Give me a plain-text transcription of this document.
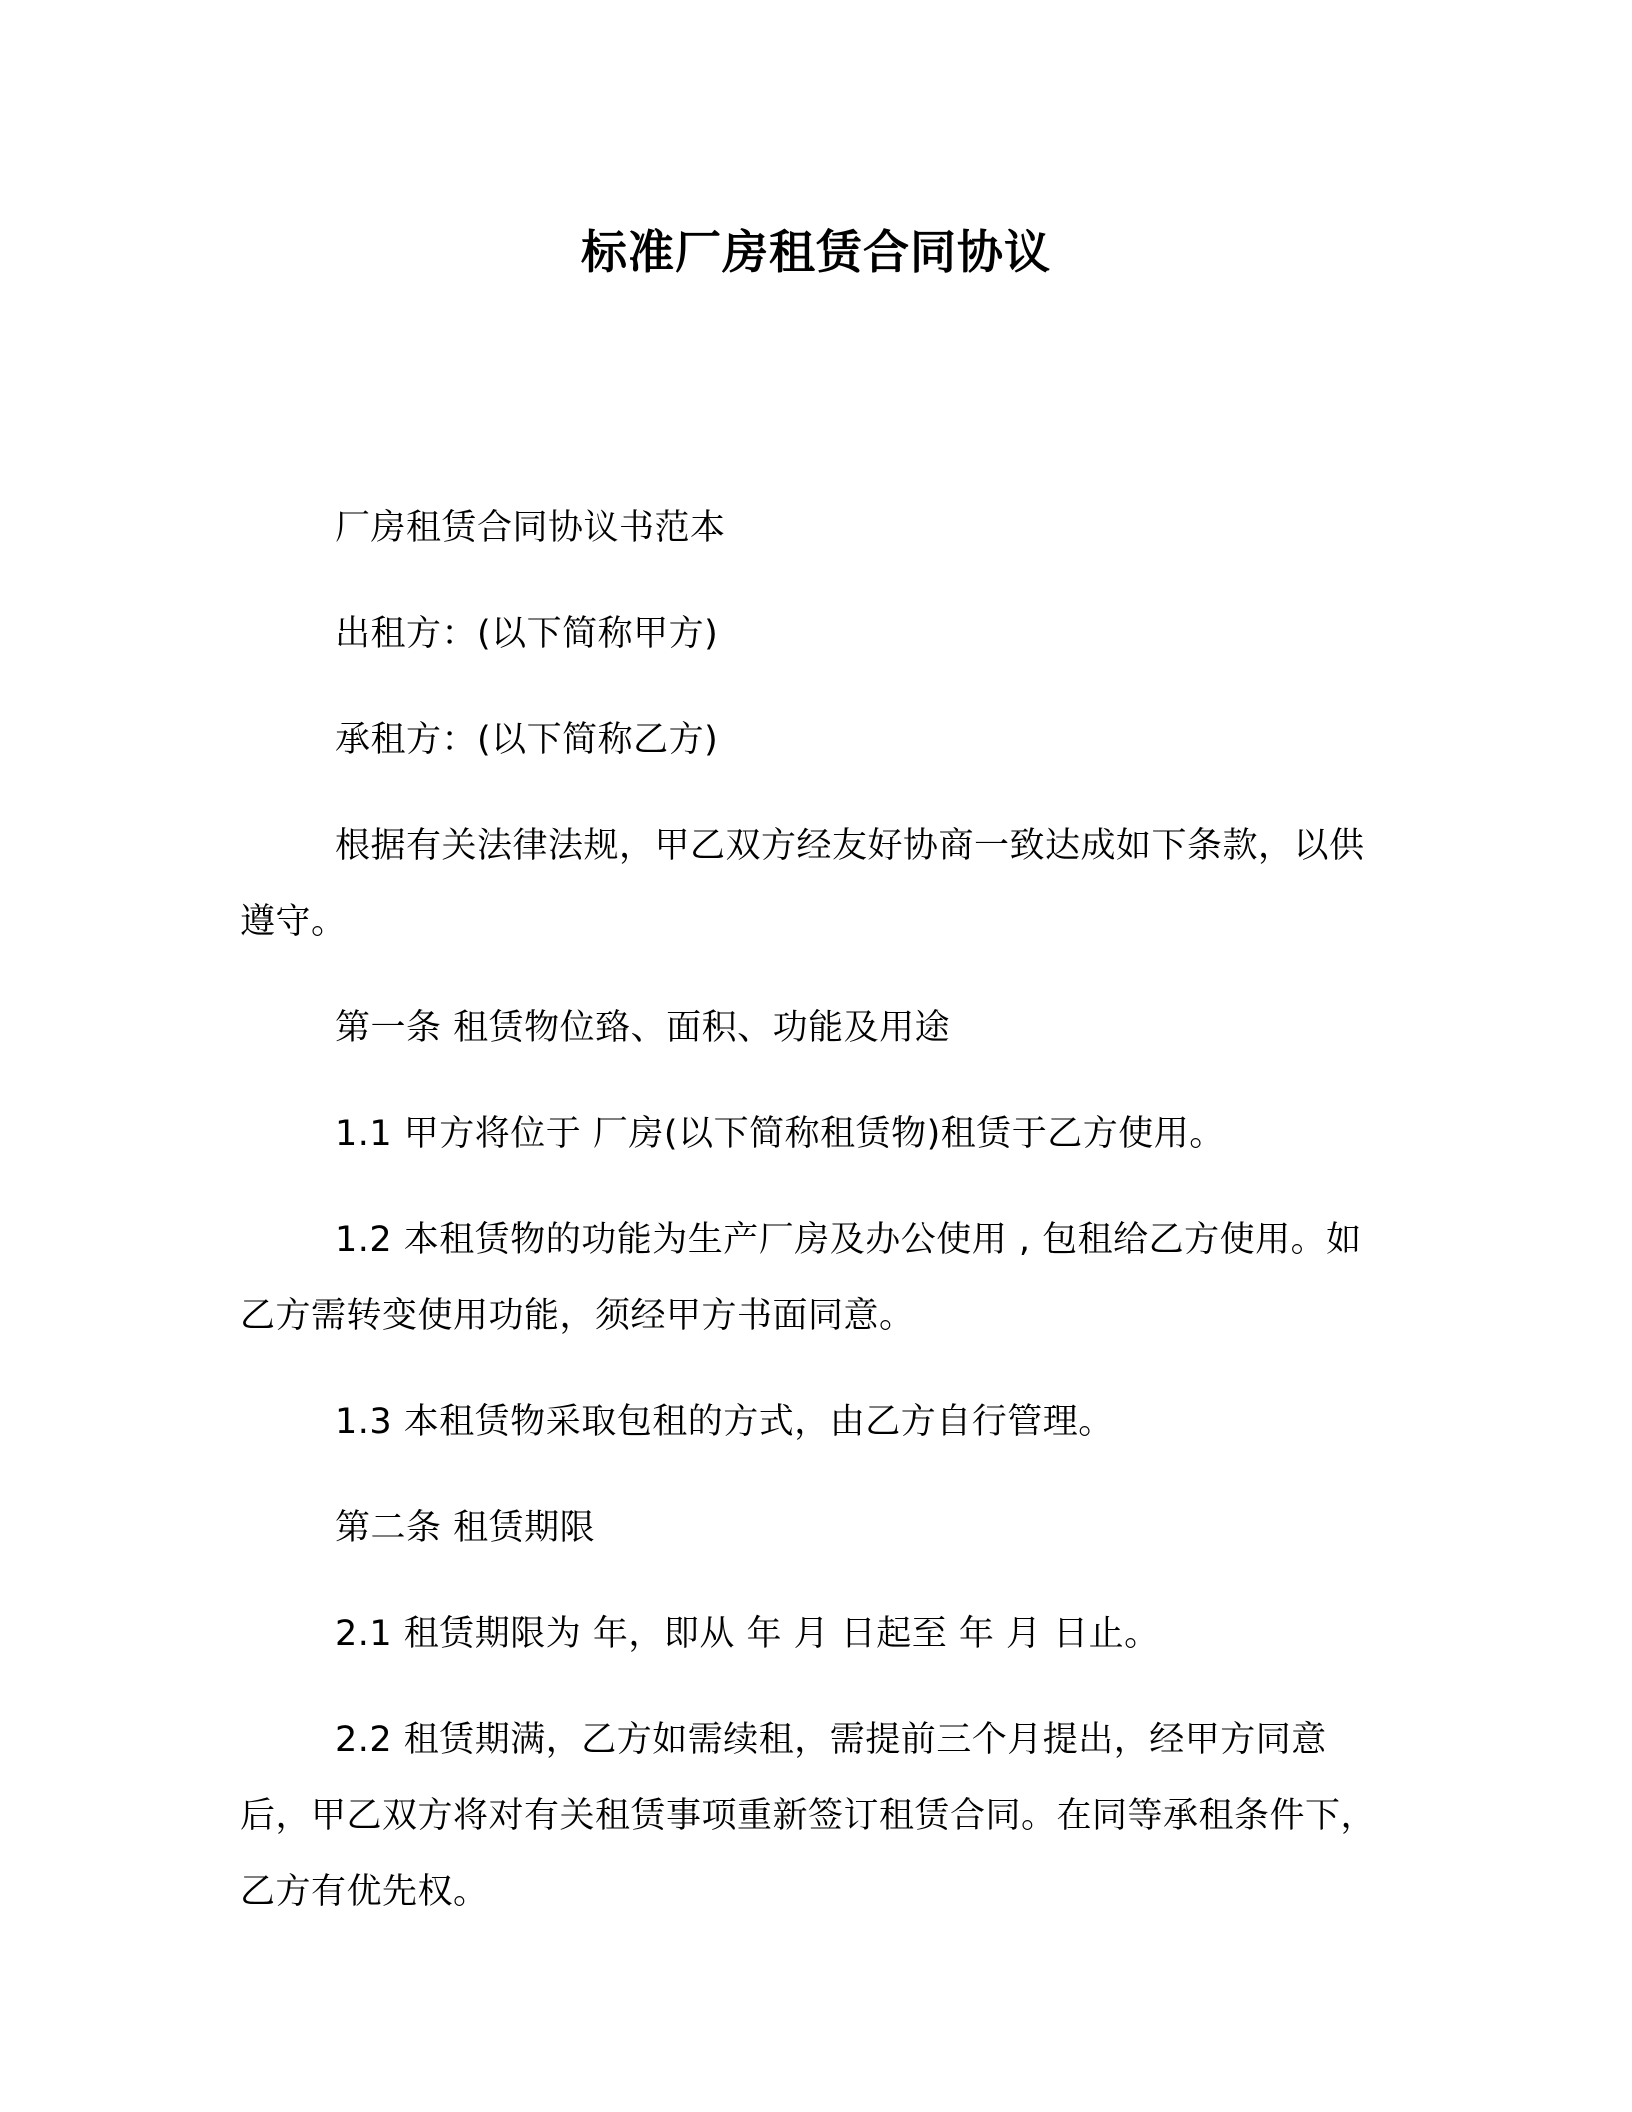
标准厂房租赁合同协议

厂房租赁合同协议书范本

出租方：(以下简称甲方)

承租方：(以下简称乙方)

根据有关法律法规，甲乙双方经友好协商一致达成如下条款，以供遵守。

第一条 租赁物位臵、面积、功能及用途

1.1 甲方将位于 厂房(以下简称租赁物)租赁于乙方使用。

1.2 本租赁物的功能为生产厂房及办公使用 , 包租给乙方使用。如乙方需转变使用功能，须经甲方书面同意。

1.3 本租赁物采取包租的方式，由乙方自行管理。

第二条 租赁期限

2.1 租赁期限为 年，即从 年 月 日起至 年 月 日止。

2.2 租赁期满，乙方如需续租，需提前三个月提出，经甲方同意后，甲乙双方将对有关租赁事项重新签订租赁合同。在同等承租条件下，乙方有优先权。
